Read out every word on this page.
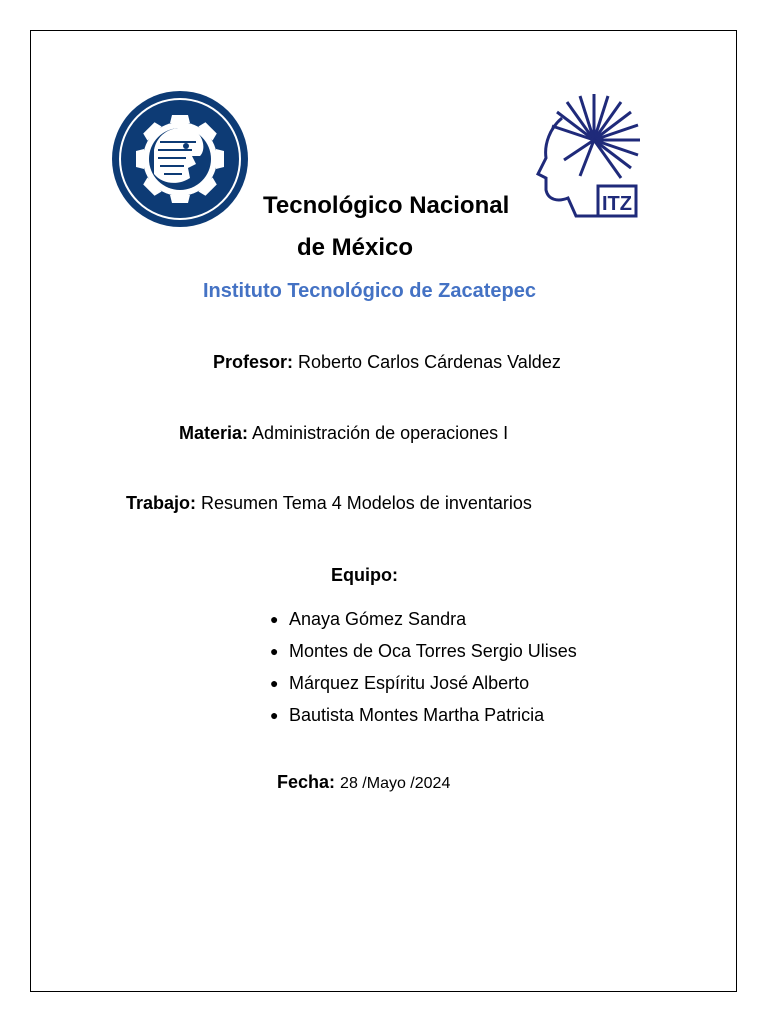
ITZ
Tecnológico Nacional
de México
Instituto Tecnológico de Zacatepec
Profesor: Roberto Carlos Cárdenas Valdez
Materia: Administración de operaciones I
Trabajo: Resumen Tema 4 Modelos de inventarios
Equipo:
● Anaya Gómez Sandra
● Montes de Oca Torres Sergio Ulises
● Márquez Espíritu José Alberto
● Bautista Montes Martha Patricia
Fecha: 28 /Mayo /2024
